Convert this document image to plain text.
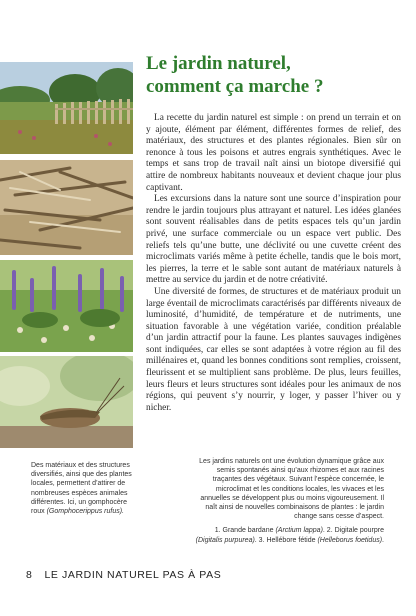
Le jardin naturel,
comment ça marche ?

La recette du jardin naturel est simple : on prend un terrain et on y ajoute, élément par élément, différentes formes de relief, des matériaux, des structures et des plantes régionales. Bien sûr on renonce à tous les poisons et autres engrais synthétiques. Avec le temps et sans trop de travail naît ainsi un biotope diversifié qui attire de nombreux habitants nouveaux et devient chaque jour plus captivant.

Les excursions dans la nature sont une source d’inspiration pour rendre le jardin toujours plus attrayant et naturel. Les idées glanées sont souvent réalisables dans de petits espaces tels qu’un jardin privé, une surface commerciale ou un espace vert public. Des reliefs tels qu’une butte, une déclivité ou une cuvette créent des microclimats variés même à petite échelle, tandis que le bois mort, les pierres, la terre et le sable sont autant de matériaux naturels à mettre au service du jardin et de notre créativité.

Une diversité de formes, de structures et de matériaux produit un large éventail de microclimats caractérisés par différents niveaux de luminosité, d’humidité, de température et de nutriments, une situation favorable à une végétation variée, condition préalable d’un jardin attractif pour la faune. Les plantes sauvages indigènes sont indiquées, car elles se sont adaptées à votre région au fil des millénaires et, quand les bonnes conditions sont remplies, croissent, fleurissent et se multiplient sans problème. De plus, leurs feuilles, leurs fleurs et leurs structures sont idéales pour les animaux de nos régions, qui peuvent s’y nourrir, y loger, y passer l’hiver ou y nicher.

Des matériaux et des structures diversifiés, ainsi que des plantes locales, permettent d’attirer de nombreuses espèces animales différentes. Ici, un gomphocère roux (Gomphocerippus rufus).
Les jardins naturels ont une évolution dynamique grâce aux semis spontanés ainsi qu’aux rhizomes et aux racines traçantes des végétaux. Suivant l’espèce concernée, le microclimat et les conditions locales, les vivaces et les annuelles se développent plus ou moins vigoureusement. Il naît ainsi de nouvelles combinaisons de plantes : le jardin change sans cesse d’aspect.
1. Grande bardane (Arctium lappa). 2. Digitale pourpre
(Digitalis purpurea). 3. Hellébore fétide (Helleborus foetidus).
8 LE JARDIN NATUREL PAS À PAS
